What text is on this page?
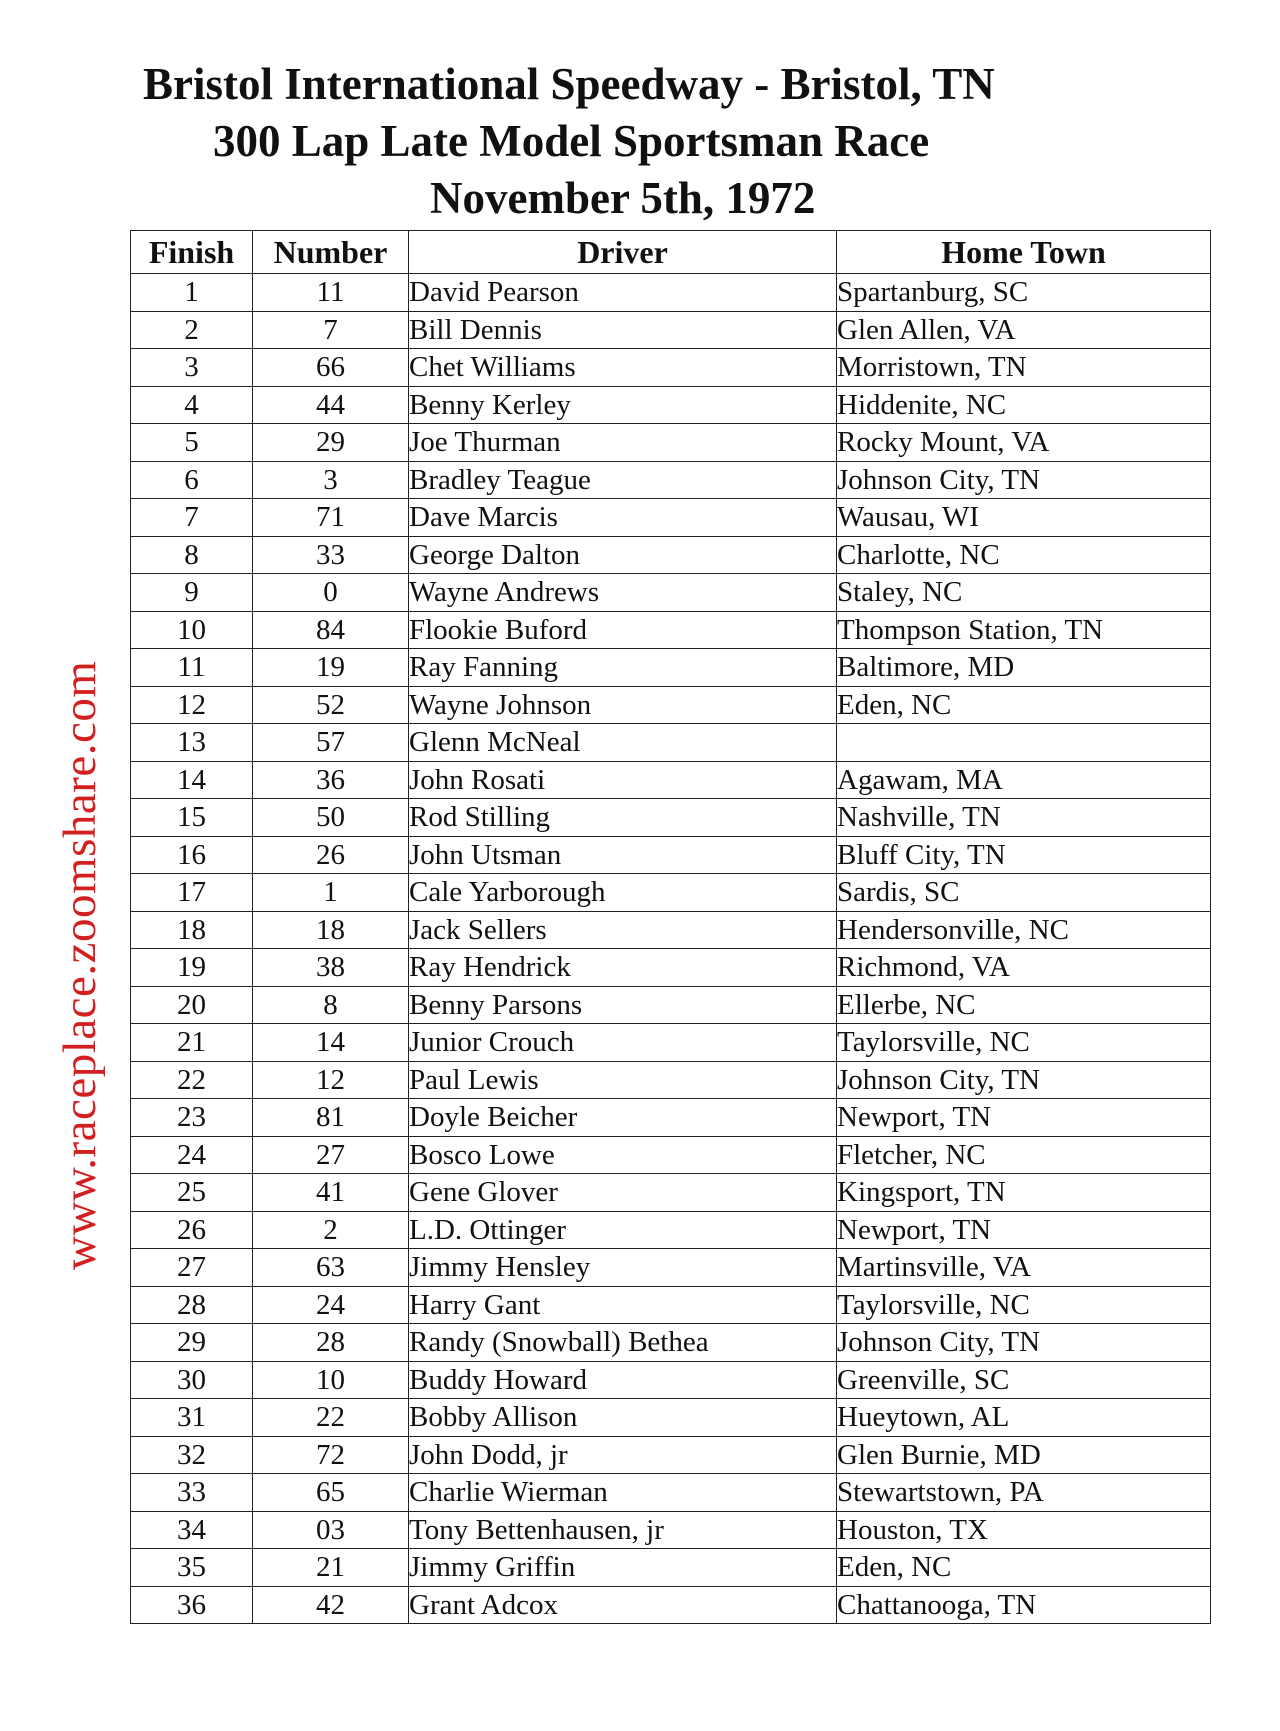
Bristol International Speedway - Bristol, TN
300 Lap Late Model Sportsman Race
November 5th, 1972
www.raceplace.zoomshare.com
Finish	Number	Driver	Home Town
1	11	David Pearson	Spartanburg, SC
2	7	Bill Dennis	Glen Allen, VA
3	66	Chet Williams	Morristown, TN
4	44	Benny Kerley	Hiddenite, NC
5	29	Joe Thurman	Rocky Mount, VA
6	3	Bradley Teague	Johnson City, TN
7	71	Dave Marcis	Wausau, WI
8	33	George Dalton	Charlotte, NC
9	0	Wayne Andrews	Staley, NC
10	84	Flookie Buford	Thompson Station, TN
11	19	Ray Fanning	Baltimore, MD
12	52	Wayne Johnson	Eden, NC
13	57	Glenn McNeal	
14	36	John Rosati	Agawam, MA
15	50	Rod Stilling	Nashville, TN
16	26	John Utsman	Bluff City, TN
17	1	Cale Yarborough	Sardis, SC
18	18	Jack Sellers	Hendersonville, NC
19	38	Ray Hendrick	Richmond, VA
20	8	Benny Parsons	Ellerbe, NC
21	14	Junior Crouch	Taylorsville, NC
22	12	Paul Lewis	Johnson City, TN
23	81	Doyle Beicher	Newport, TN
24	27	Bosco Lowe	Fletcher, NC
25	41	Gene Glover	Kingsport, TN
26	2	L.D. Ottinger	Newport, TN
27	63	Jimmy Hensley	Martinsville, VA
28	24	Harry Gant	Taylorsville, NC
29	28	Randy (Snowball) Bethea	Johnson City, TN
30	10	Buddy Howard	Greenville, SC
31	22	Bobby Allison	Hueytown, AL
32	72	John Dodd, jr	Glen Burnie, MD
33	65	Charlie Wierman	Stewartstown, PA
34	03	Tony Bettenhausen, jr	Houston, TX
35	21	Jimmy Griffin	Eden, NC
36	42	Grant Adcox	Chattanooga, TN
